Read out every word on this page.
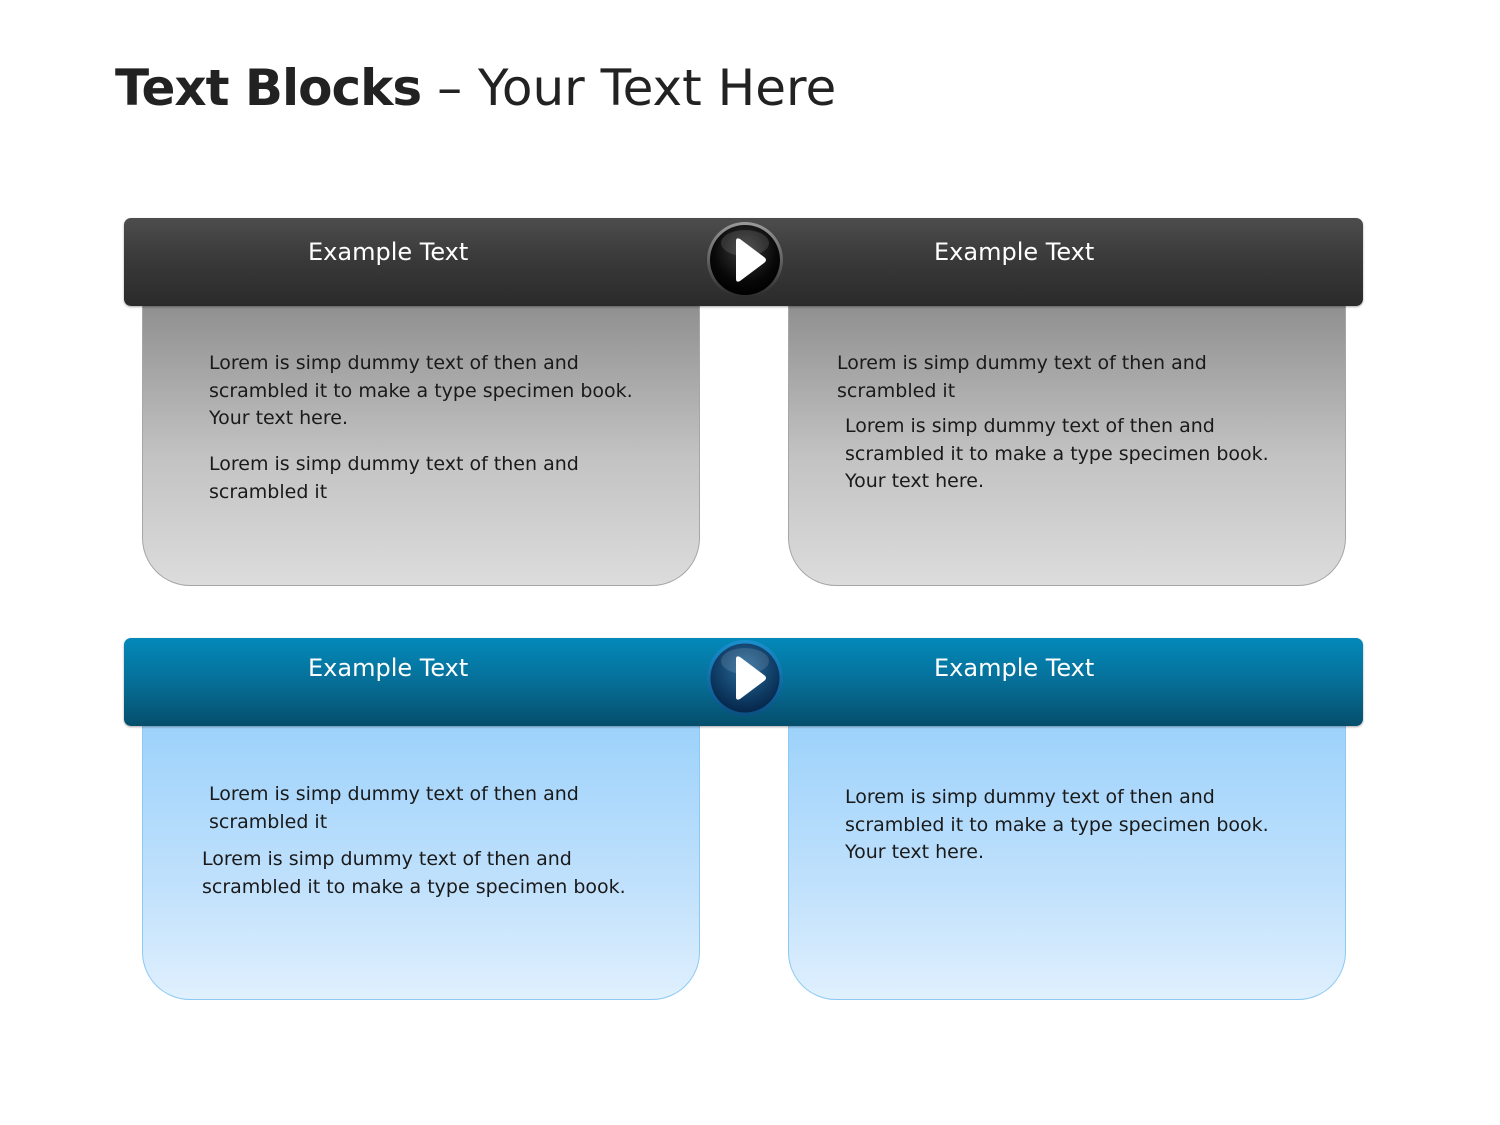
Text Blocks – Your Text Here
Lorem is simp dummy text of then and
scrambled it to make a type specimen book.
Your text here.
Lorem is simp dummy text of then and
scrambled it
Lorem is simp dummy text of then and
scrambled it
Lorem is simp dummy text of then and
scrambled it to make a type specimen book.
Your text here.
Example Text	Example Text
Lorem is simp dummy text of then and
scrambled it
Lorem is simp dummy text of then and
scrambled it to make a type specimen book.
Lorem is simp dummy text of then and
scrambled it to make a type specimen book.
Your text here.
Example Text	Example Text
